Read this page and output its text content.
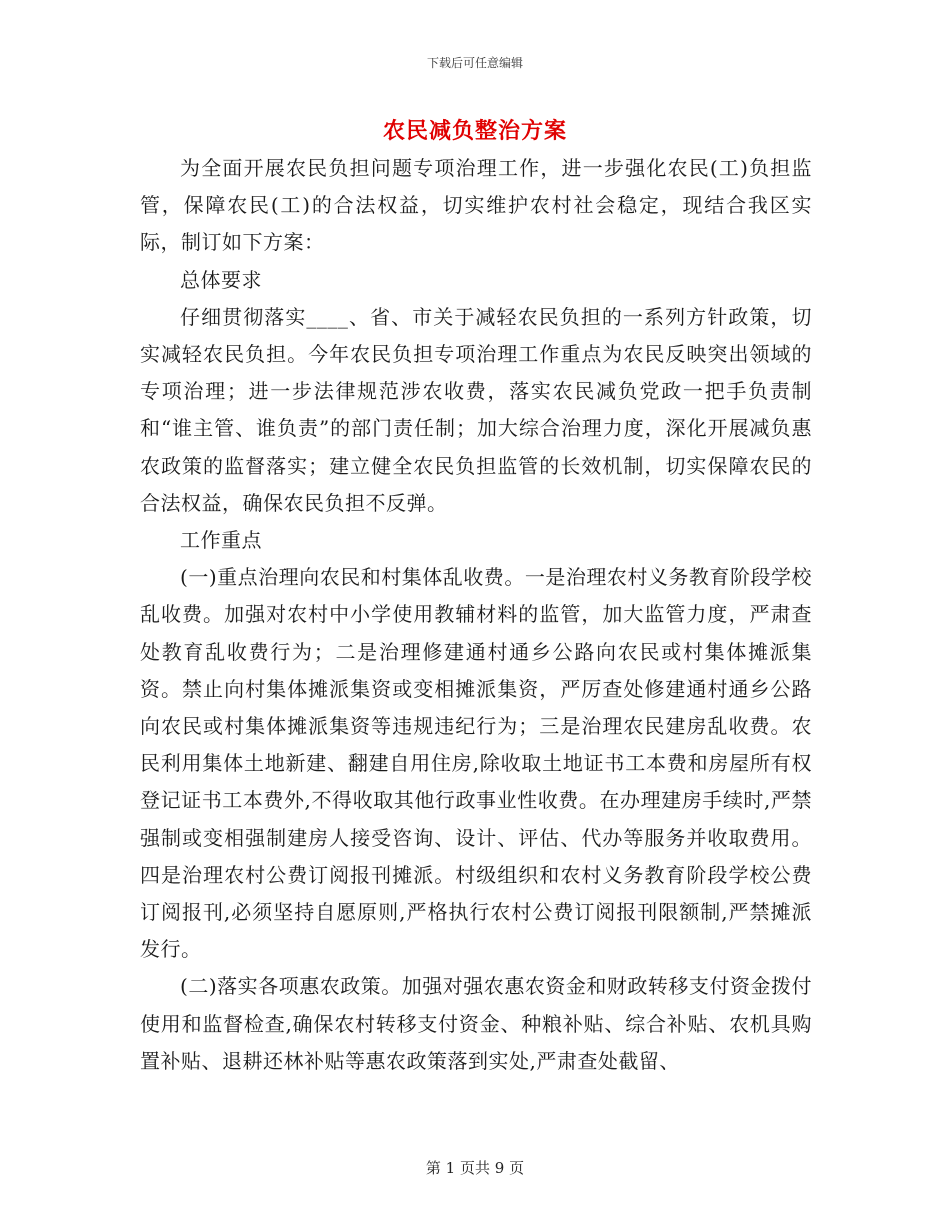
下载后可任意编辑
农民减负整治方案

为全面开展农民负担问题专项治理工作，进一步强化农民(工)负担监管，保障农民(工)的合法权益，切实维护农村社会稳定，现结合我区实际，制订如下方案：

总体要求

仔细贯彻落实____、省、市关于减轻农民负担的一系列方针政策，切实减轻农民负担。今年农民负担专项治理工作重点为农民反映突出领域的专项治理；进一步法律规范涉农收费，落实农民减负党政一把手负责制和“谁主管、谁负责”的部门责任制；加大综合治理力度，深化开展减负惠农政策的监督落实；建立健全农民负担监管的长效机制，切实保障农民的合法权益，确保农民负担不反弹。

工作重点

(一)重点治理向农民和村集体乱收费。一是治理农村义务教育阶段学校乱收费。加强对农村中小学使用教辅材料的监管，加大监管力度，严肃查处教育乱收费行为；二是治理修建通村通乡公路向农民或村集体摊派集资。禁止向村集体摊派集资或变相摊派集资，严厉查处修建通村通乡公路向农民或村集体摊派集资等违规违纪行为；三是治理农民建房乱收费。农民利用集体土地新建、翻建自用住房,除收取土地证书工本费和房屋所有权登记证书工本费外,不得收取其他行政事业性收费。在办理建房手续时,严禁强制或变相强制建房人接受咨询、设计、评估、代办等服务并收取费用。四是治理农村公费订阅报刊摊派。村级组织和农村义务教育阶段学校公费订阅报刊,必须坚持自愿原则,严格执行农村公费订阅报刊限额制,严禁摊派发行。

(二)落实各项惠农政策。加强对强农惠农资金和财政转移支付资金拨付使用和监督检查,确保农村转移支付资金、种粮补贴、综合补贴、农机具购置补贴、退耕还林补贴等惠农政策落到实处,严肃查处截留、

第 1 页共 9 页
